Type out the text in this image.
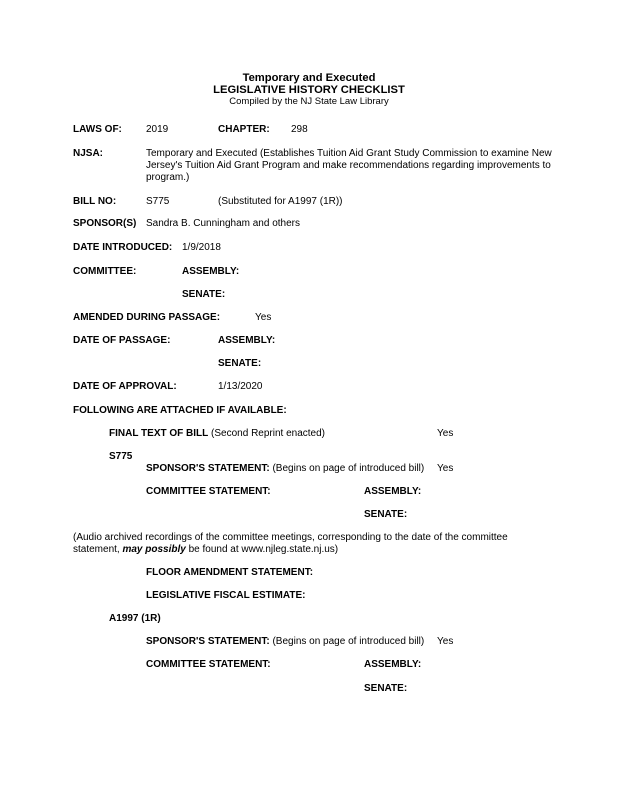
Temporary and Executed
LEGISLATIVE HISTORY CHECKLIST
Compiled by the NJ State Law Library
LAWS OF: 2019	CHAPTER: 298
NJSA:	Temporary and Executed (Establishes Tuition Aid Grant Study Commission to examine New
Jersey's Tuition Aid Grant Program and make recommendations regarding improvements to
program.)
BILL NO:	S775	(Substituted for A1997 (1R))
SPONSOR(S) Sandra B. Cunningham and others
DATE INTRODUCED: 1/9/2018
COMMITTEE:	ASSEMBLY:
SENATE:
AMENDED DURING PASSAGE:	Yes
DATE OF PASSAGE:	ASSEMBLY:
SENATE:
DATE OF APPROVAL:	1/13/2020
FOLLOWING ARE ATTACHED IF AVAILABLE:
FINAL TEXT OF BILL (Second Reprint enacted)	Yes
S775
SPONSOR'S STATEMENT: (Begins on page of introduced bill) Yes
COMMITTEE STATEMENT:	ASSEMBLY:
SENATE:
(Audio archived recordings of the committee meetings, corresponding to the date of the committee
statement, may possibly be found at www.njleg.state.nj.us)
FLOOR AMENDMENT STATEMENT:
LEGISLATIVE FISCAL ESTIMATE:
A1997 (1R)
SPONSOR'S STATEMENT: (Begins on page of introduced bill) Yes
COMMITTEE STATEMENT:	ASSEMBLY:
SENATE:
